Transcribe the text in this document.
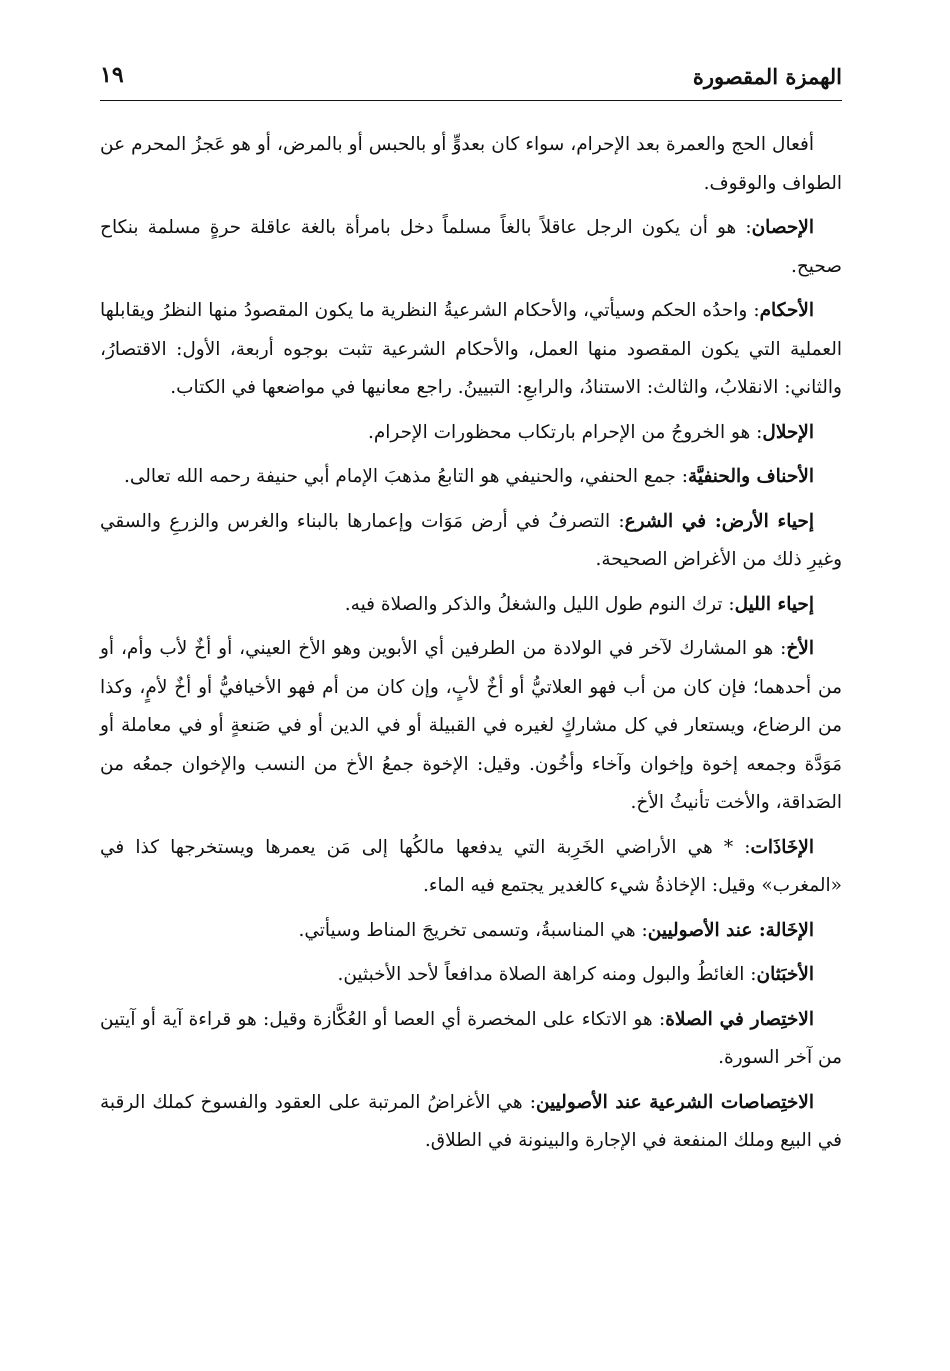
الهمزة المقصورة
١٩

أفعال الحج والعمرة بعد الإحرام، سواء كان بعدوٍّ أو بالحبس أو بالمرض، أو هو عَجزُ المحرم عن الطواف والوقوف.

الإحصان: هو أن يكون الرجل عاقلاً بالغاً مسلماً دخل بامرأة بالغة عاقلة حرةٍ مسلمة بنكاح صحيح.

الأحكام: واحدُه الحكم وسيأتي، والأحكام الشرعيةُ النظرية ما يكون المقصودُ منها النظرُ ويقابلها العملية التي يكون المقصود منها العمل، والأحكام الشرعية تثبت بوجوه أربعة، الأول: الاقتصارُ، والثاني: الانقلابُ، والثالث: الاستنادُ، والرابعِ: التبيينُ. راجع معانيها في مواضعها في الكتاب.

الإحلال: هو الخروجُ من الإحرام بارتكاب محظورات الإحرام.

الأحناف والحنفيَّة: جمع الحنفي، والحنيفي هو التابعُ مذهبَ الإمام أبي حنيفة رحمه الله تعالى.

إحياء الأرض: في الشرع: التصرفُ في أرض مَوَات وإعمارها بالبناء والغرس والزرعِ والسقي وغيرِ ذلك من الأغراض الصحيحة.

إحياء الليل: ترك النوم طول الليل والشغلُ والذكر والصلاة فيه.

الأخ: هو المشارك لآخر في الولادة من الطرفين أي الأبوين وهو الأخ العيني، أو أخٌ لأب وأم، أو من أحدهما؛ فإن كان من أب فهو العلاتيُّ أو أخٌ لأبٍ، وإن كان من أم فهو الأخيافيُّ أو أخٌ لأمٍ، وكذا من الرضاع، ويستعار في كل مشاركٍ لغيره في القبيلة أو في الدين أو في صَنعةٍ أو في معاملة أو مَوَدَّة وجمعه إخوة وإخوان وآخاء وأخُون. وقيل: الإخوة جمعُ الأخ من النسب والإخوان جمعُه من الصَداقة، والأخت تأنيثُ الأخ.

الإخَاذَات: * هي الأراضي الخَرِبة التي يدفعها مالكُها إلى مَن يعمرها ويستخرجها كذا في «المغرب» وقيل: الإخاذةُ شيء كالغدير يجتمع فيه الماء.

الإخَالة: عند الأصوليين: هي المناسبةُ، وتسمى تخريجَ المناط وسيأتي.

الأخبَثان: الغائطُ والبول ومنه كراهة الصلاة مدافعاً لأحد الأخبثين.

الاختِصار في الصلاة: هو الاتكاء على المخصرة أي العصا أو العُكَّازة وقيل: هو قراءة آية أو آيتين من آخر السورة.

الاختِصاصات الشرعية عند الأصوليين: هي الأغراضُ المرتبة على العقود والفسوخ كملك الرقبة في البيع وملك المنفعة في الإجارة والبينونة في الطلاق.
